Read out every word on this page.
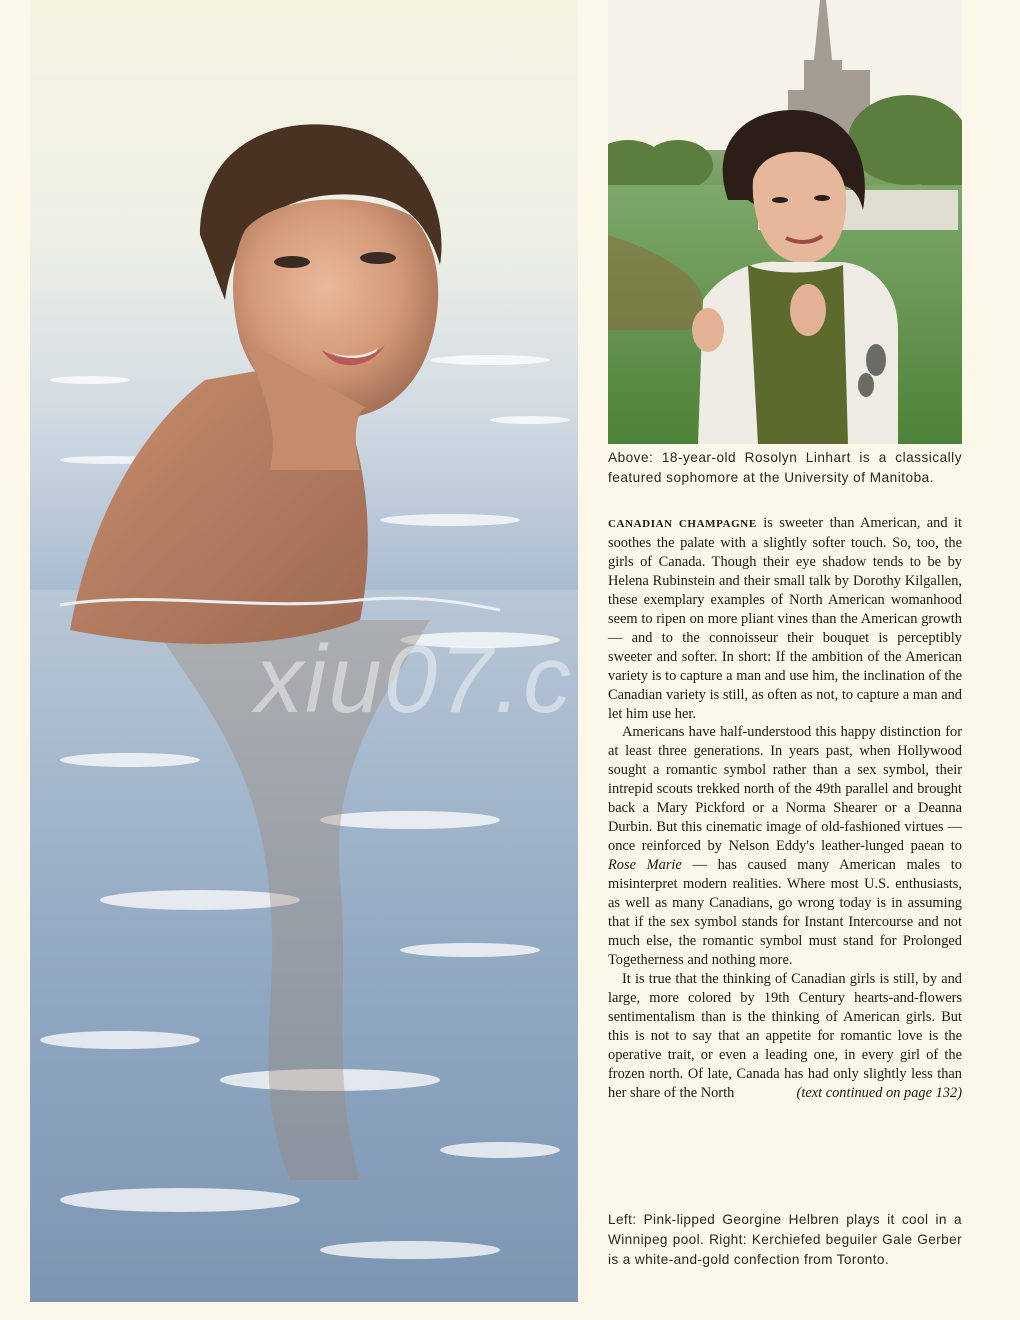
xiu07.c
Above: 18-year-old Rosolyn Linhart is a classically featured sophomore at the University of Manitoba.

CANADIAN CHAMPAGNE is sweeter than American, and it soothes the palate with a slightly softer touch. So, too, the girls of Canada. Though their eye shadow tends to be by Helena Rubinstein and their small talk by Dorothy Kilgallen, these exemplary examples of North American womanhood seem to ripen on more pliant vines than the American growth — and to the connoisseur their bouquet is perceptibly sweeter and softer. In short: If the ambition of the American variety is to capture a man and use him, the inclination of the Canadian variety is still, as often as not, to capture a man and let him use her.

Americans have half-understood this happy distinction for at least three generations. In years past, when Hollywood sought a romantic symbol rather than a sex symbol, their intrepid scouts trekked north of the 49th parallel and brought back a Mary Pickford or a Norma Shearer or a Deanna Durbin. But this cinematic image of old-fashioned virtues — once reinforced by Nelson Eddy's leather-lunged paean to Rose Marie — has caused many American males to misinterpret modern realities. Where most U.S. enthusiasts, as well as many Canadians, go wrong today is in assuming that if the sex symbol stands for Instant Intercourse and not much else, the romantic symbol must stand for Prolonged Togetherness and nothing more.

It is true that the thinking of Canadian girls is still, by and large, more colored by 19th Century hearts-and-flowers sentimentalism than is the thinking of American girls. But this is not to say that an appetite for romantic love is the operative trait, or even a leading one, in every girl of the frozen north. Of late, Canada has had only slightly less than her share of the North	(text continued on page 132)

Left: Pink-lipped Georgine Helbren plays it cool in a Winnipeg pool. Right: Kerchiefed beguiler Gale Gerber is a white-and-gold confection from Toronto.
